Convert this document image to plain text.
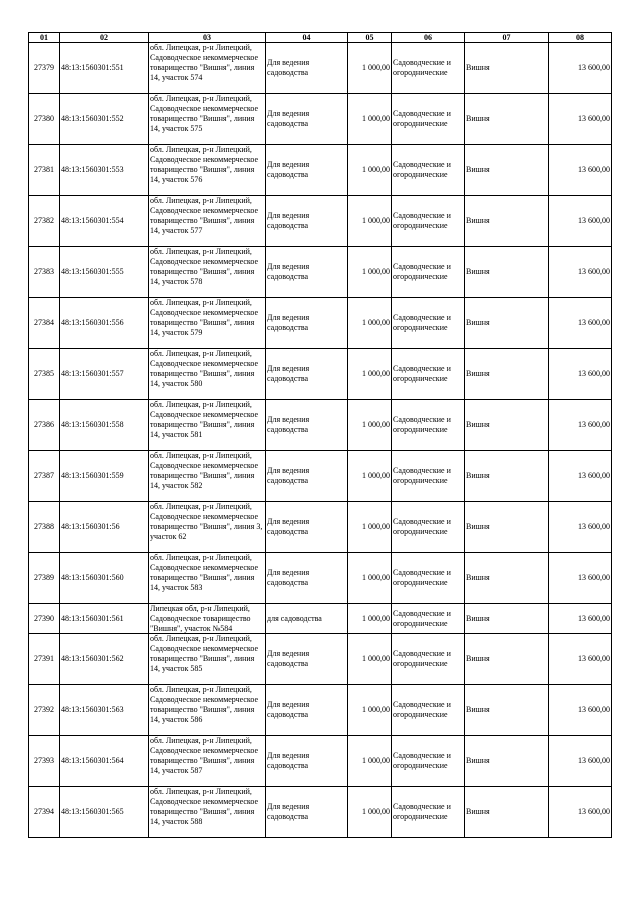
01	02	03	04	05	06	07	08
27379	48:13:1560301:551	обл. Липецкая, р-н Липецкий, Садоводческое некоммерческое товарищество "Вишня", линия 14, участок 574	Для ведения садоводства	1 000,00	Садоводческие и огороднические	Вишня	13 600,00
27380	48:13:1560301:552	обл. Липецкая, р-н Липецкий, Садоводческое некоммерческое товарищество "Вишня", линия 14, участок 575	Для ведения садоводства	1 000,00	Садоводческие и огороднические	Вишня	13 600,00
27381	48:13:1560301:553	обл. Липецкая, р-н Липецкий, Садоводческое некоммерческое товарищество "Вишня", линия 14, участок 576	Для ведения садоводства	1 000,00	Садоводческие и огороднические	Вишня	13 600,00
27382	48:13:1560301:554	обл. Липецкая, р-н Липецкий, Садоводческое некоммерческое товарищество "Вишня", линия 14, участок 577	Для ведения садоводства	1 000,00	Садоводческие и огороднические	Вишня	13 600,00
27383	48:13:1560301:555	обл. Липецкая, р-н Липецкий, Садоводческое некоммерческое товарищество "Вишня", линия 14, участок 578	Для ведения садоводства	1 000,00	Садоводческие и огороднические	Вишня	13 600,00
27384	48:13:1560301:556	обл. Липецкая, р-н Липецкий, Садоводческое некоммерческое товарищество "Вишня", линия 14, участок 579	Для ведения садоводства	1 000,00	Садоводческие и огороднические	Вишня	13 600,00
27385	48:13:1560301:557	обл. Липецкая, р-н Липецкий, Садоводческое некоммерческое товарищество "Вишня", линия 14, участок 580	Для ведения садоводства	1 000,00	Садоводческие и огороднические	Вишня	13 600,00
27386	48:13:1560301:558	обл. Липецкая, р-н Липецкий, Садоводческое некоммерческое товарищество "Вишня", линия 14, участок 581	Для ведения садоводства	1 000,00	Садоводческие и огороднические	Вишня	13 600,00
27387	48:13:1560301:559	обл. Липецкая, р-н Липецкий, Садоводческое некоммерческое товарищество "Вишня", линия 14, участок 582	Для ведения садоводства	1 000,00	Садоводческие и огороднические	Вишня	13 600,00
27388	48:13:1560301:56	обл. Липецкая, р-н Липецкий, Садоводческое некоммерческое товарищество "Вишня", линия 3, участок 62	Для ведения садоводства	1 000,00	Садоводческие и огороднические	Вишня	13 600,00
27389	48:13:1560301:560	обл. Липецкая, р-н Липецкий, Садоводческое некоммерческое товарищество "Вишня", линия 14, участок 583	Для ведения садоводства	1 000,00	Садоводческие и огороднические	Вишня	13 600,00
27390	48:13:1560301:561	Липецкая обл, р-н Липецкий, Садоводческое товарищество "Вишня", участок №584	для садоводства	1 000,00	Садоводческие и огороднические	Вишня	13 600,00
27391	48:13:1560301:562	обл. Липецкая, р-н Липецкий, Садоводческое некоммерческое товарищество "Вишня", линия 14, участок 585	Для ведения садоводства	1 000,00	Садоводческие и огороднические	Вишня	13 600,00
27392	48:13:1560301:563	обл. Липецкая, р-н Липецкий, Садоводческое некоммерческое товарищество "Вишня", линия 14, участок 586	Для ведения садоводства	1 000,00	Садоводческие и огороднические	Вишня	13 600,00
27393	48:13:1560301:564	обл. Липецкая, р-н Липецкий, Садоводческое некоммерческое товарищество "Вишня", линия 14, участок 587	Для ведения садоводства	1 000,00	Садоводческие и огороднические	Вишня	13 600,00
27394	48:13:1560301:565	обл. Липецкая, р-н Липецкий, Садоводческое некоммерческое товарищество "Вишня", линия 14, участок 588	Для ведения садоводства	1 000,00	Садоводческие и огороднические	Вишня	13 600,00
